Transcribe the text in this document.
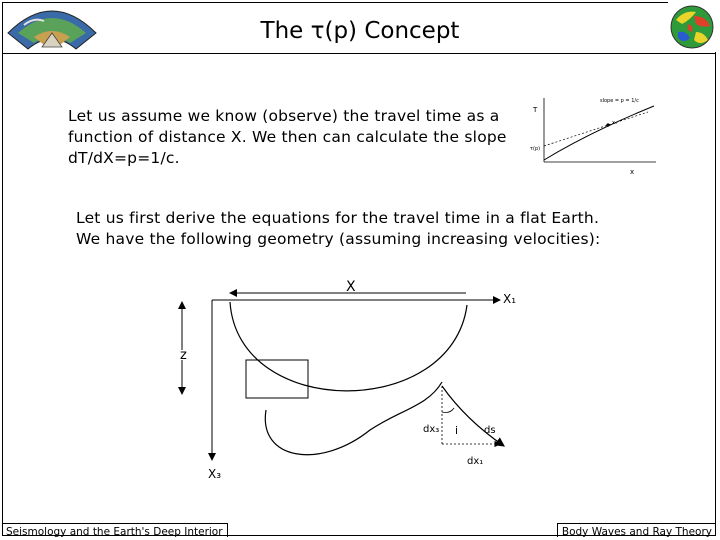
The τ(p) Concept
Let us assume we know (observe) the travel time as a function of distance X. We then can calculate the slope dT/dX=p=1/c.
T
x
τ(p)
slope = p = 1/c
x₁
Let us first derive the equations for the travel time in a flat Earth. We have the following geometry (assuming increasing velocities):
X
X₁
X₃
z
dx₃ i	ds
dx₁
Seismology and the Earth's Deep Interior	Body Waves and Ray Theory
